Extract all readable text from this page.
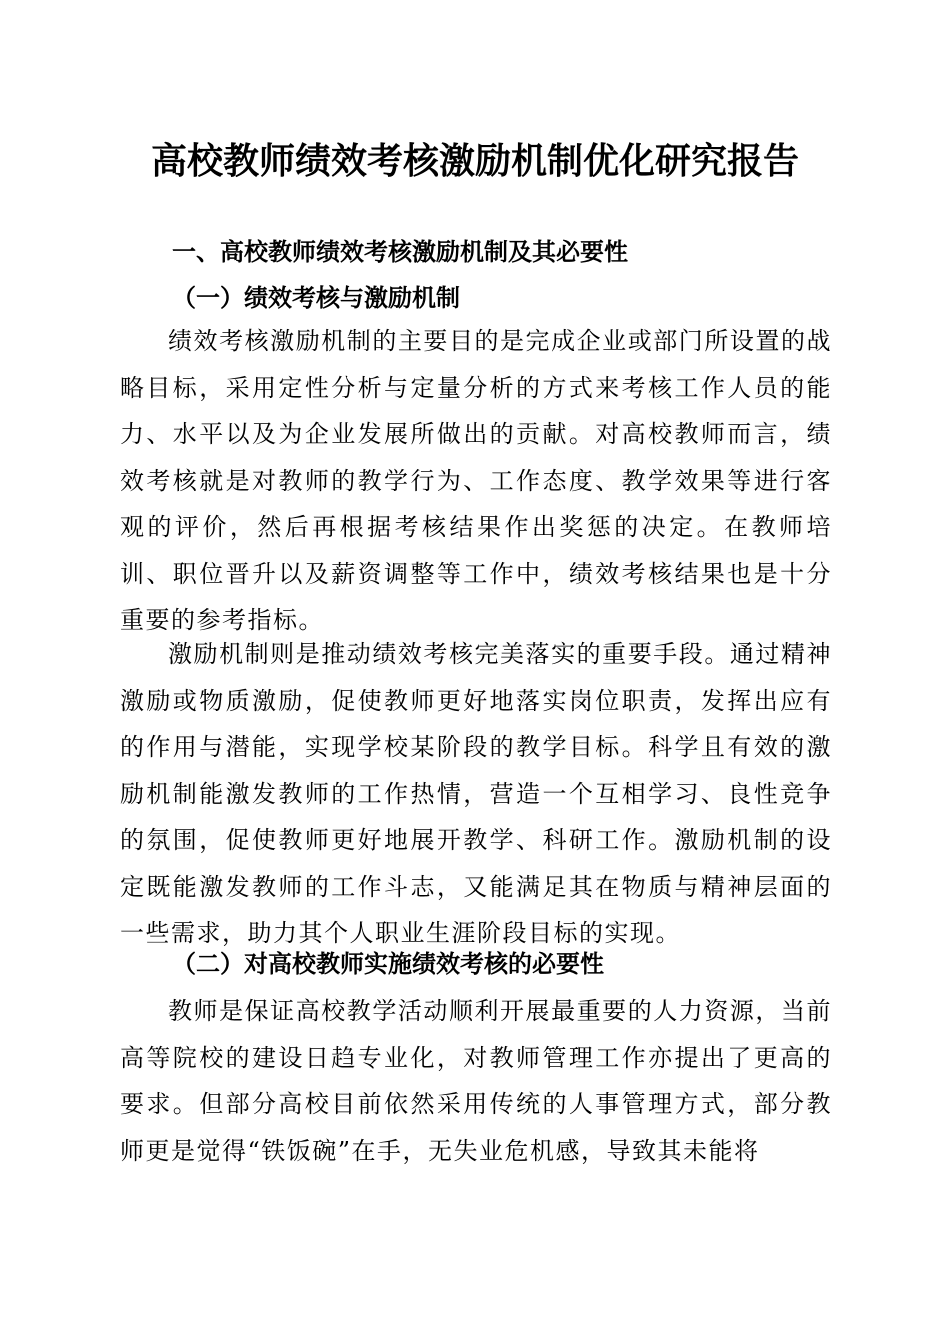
高校教师绩效考核激励机制优化研究报告
一、高校教师绩效考核激励机制及其必要性
（一）绩效考核与激励机制

绩效考核激励机制的主要目的是完成企业或部门所设置的战略目标，采用定性分析与定量分析的方式来考核工作人员的能力、水平以及为企业发展所做出的贡献。对高校教师而言，绩效考核就是对教师的教学行为、工作态度、教学效果等进行客观的评价，然后再根据考核结果作出奖惩的决定。在教师培训、职位晋升以及薪资调整等工作中，绩效考核结果也是十分重要的参考指标。

激励机制则是推动绩效考核完美落实的重要手段。通过精神激励或物质激励，促使教师更好地落实岗位职责，发挥出应有的作用与潜能，实现学校某阶段的教学目标。科学且有效的激励机制能激发教师的工作热情，营造一个互相学习、良性竞争的氛围，促使教师更好地展开教学、科研工作。激励机制的设定既能激发教师的工作斗志，又能满足其在物质与精神层面的一些需求，助力其个人职业生涯阶段目标的实现。

（二）对高校教师实施绩效考核的必要性

教师是保证高校教学活动顺利开展最重要的人力资源，当前高等院校的建设日趋专业化，对教师管理工作亦提出了更高的要求。但部分高校目前依然采用传统的人事管理方式，部分教师更是觉得“铁饭碗”在手，无失业危机感，导致其未能将
